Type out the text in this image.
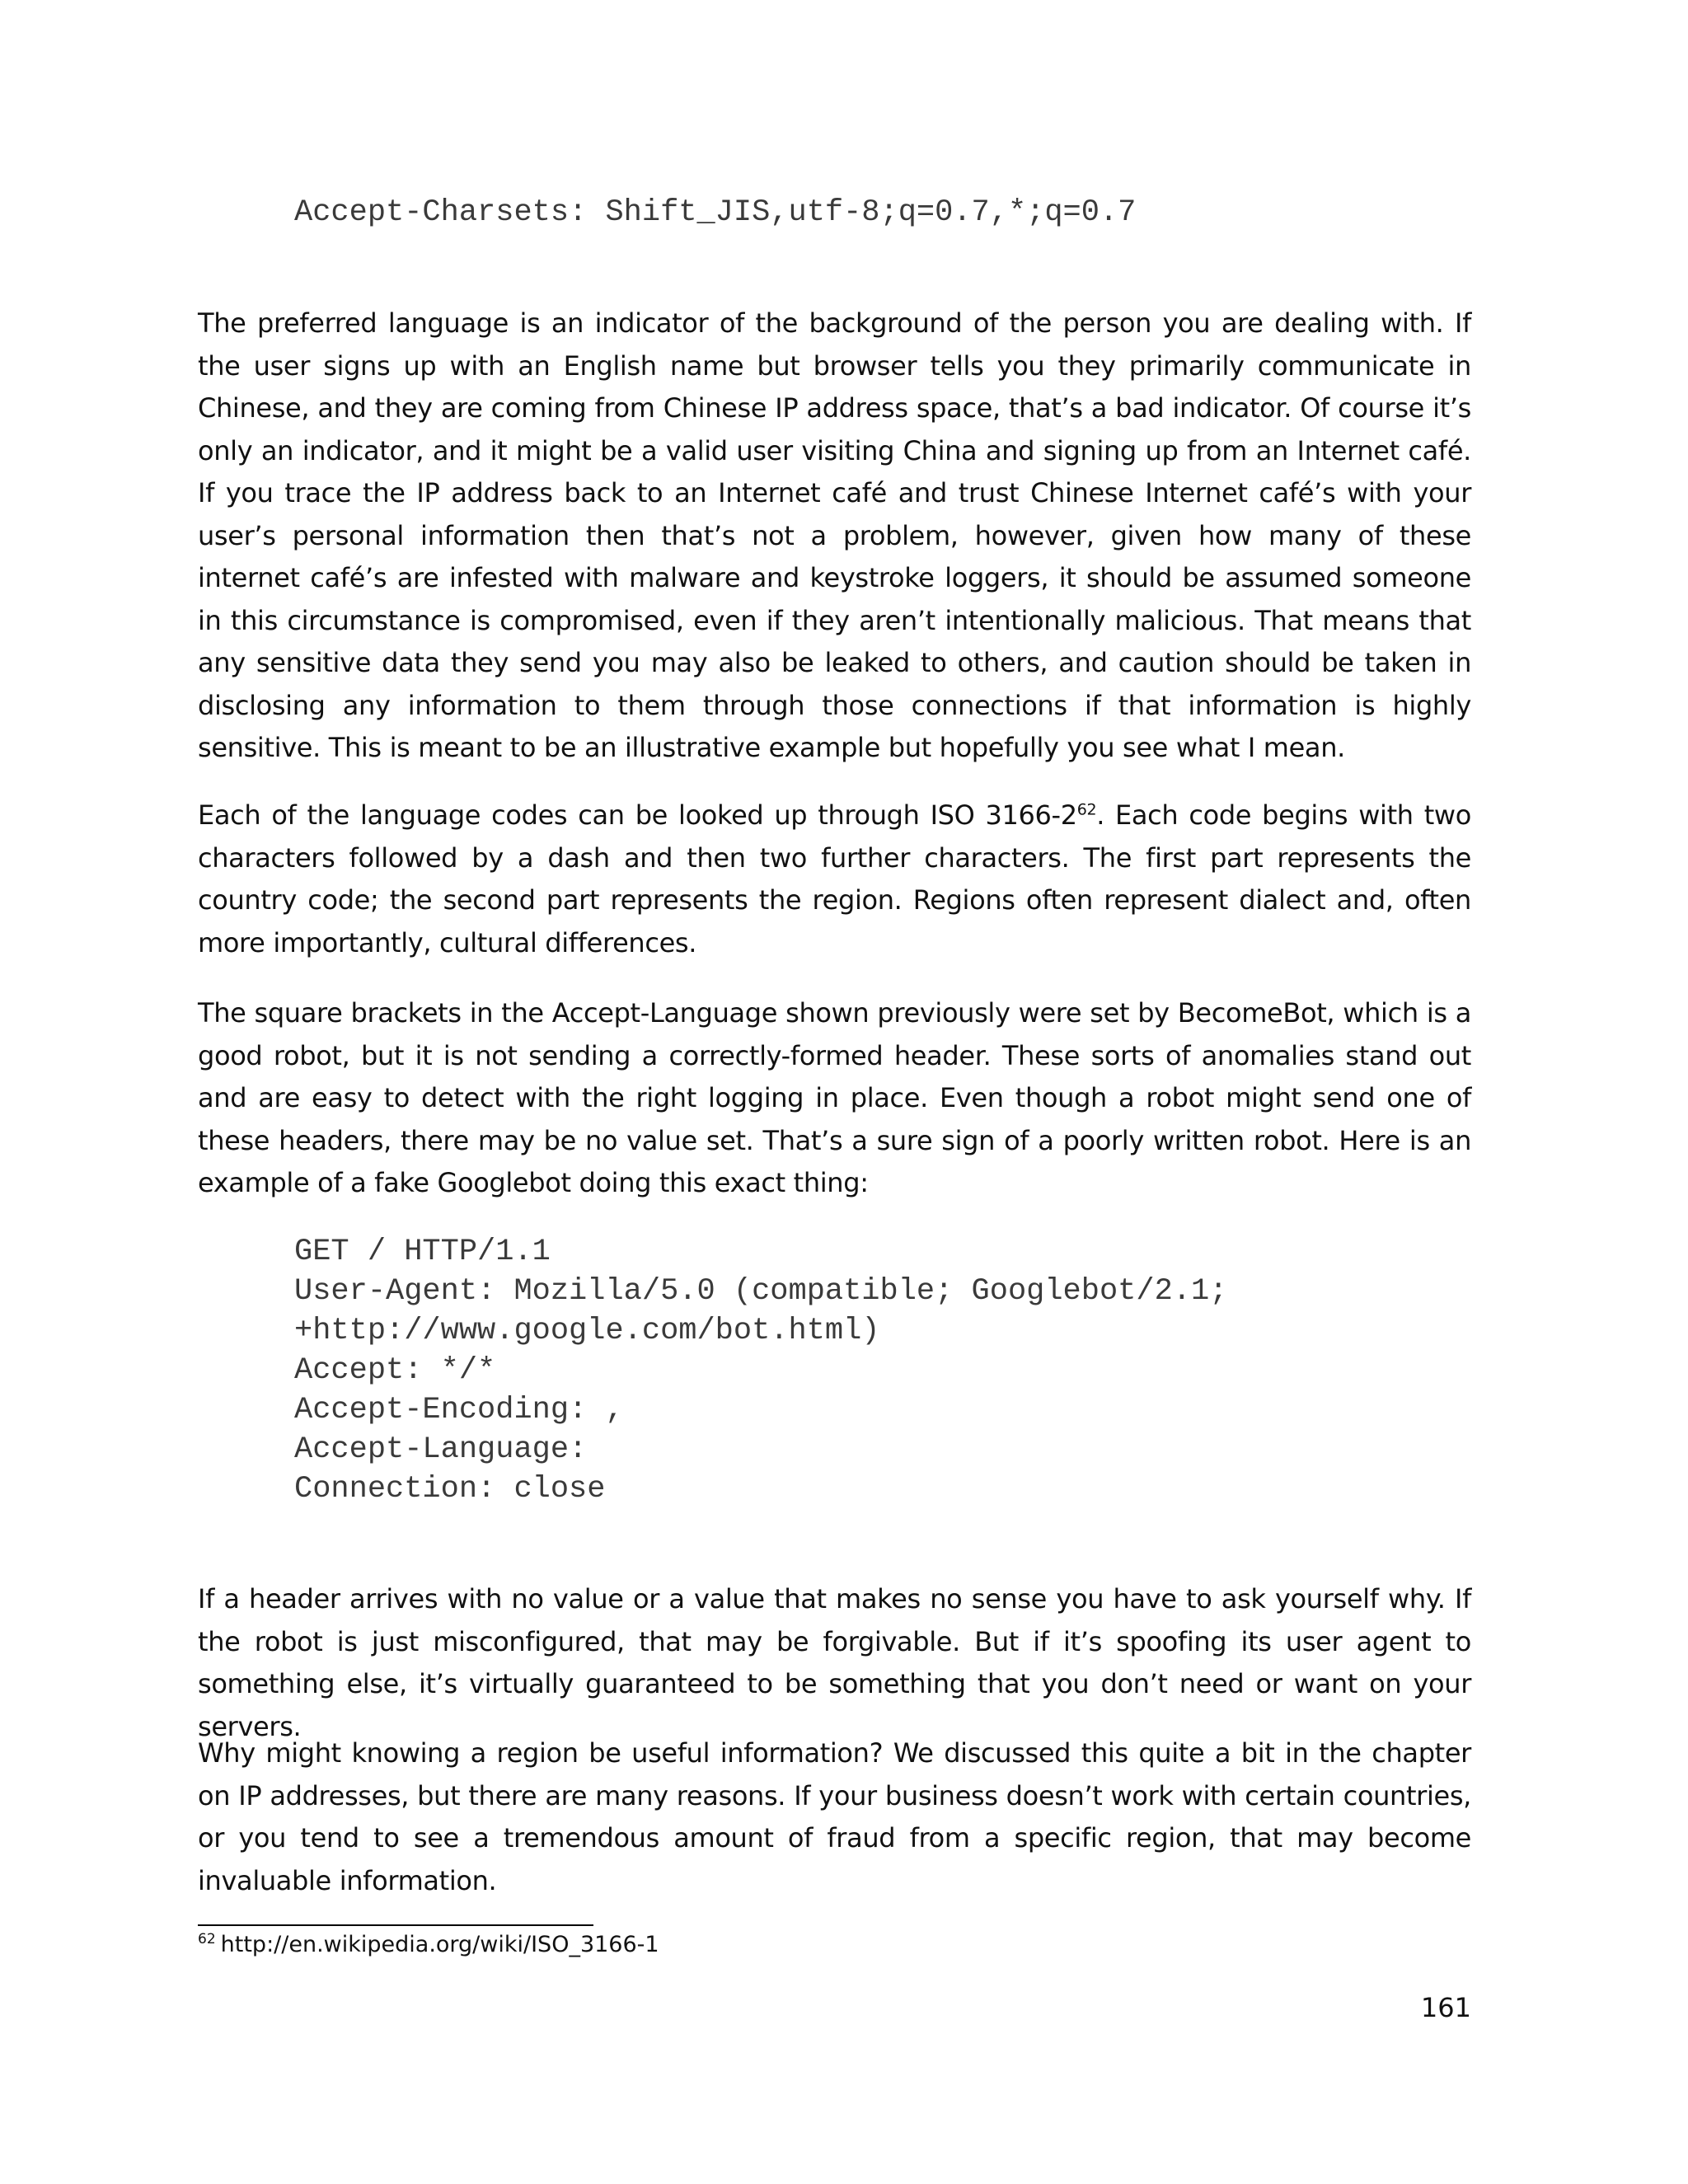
Accept-Charsets: Shift_JIS,utf-8;q=0.7,*;q=0.7

The preferred language is an indicator of the background of the person you are dealing with. If the user signs up with an English name but browser tells you they primarily communicate in Chinese, and they are coming from Chinese IP address space, that’s a bad indicator. Of course it’s only an indicator, and it might be a valid user visiting China and signing up from an Internet café. If you trace the IP address back to an Internet café and trust Chinese Internet café’s with your user’s personal information then that’s not a problem, however, given how many of these internet café’s are infested with malware and keystroke loggers, it should be assumed someone in this circumstance is compromised, even if they aren’t intentionally malicious. That means that any sensitive data they send you may also be leaked to others, and caution should be taken in disclosing any information to them through those connections if that information is highly sensitive. This is meant to be an illustrative example but hopefully you see what I mean.

Each of the language codes can be looked up through ISO $3166-2^{62}$. Each code begins with two characters followed by a dash and then two further characters. The first part represents the country code; the second part represents the region. Regions often represent dialect and, often more importantly, cultural differences.

The square brackets in the Accept-Language shown previously were set by BecomeBot, which is a good robot, but it is not sending a correctly-formed header. These sorts of anomalies stand out and are easy to detect with the right logging in place. Even though a robot might send one of these headers, there may be no value set. That’s a sure sign of a poorly written robot. Here is an example of a fake Googlebot doing this exact thing:

GET / HTTP/1.1
User-Agent: Mozilla/5.0 (compatible; Googlebot/2.1;
+http://www.google.com/bot.html)
Accept: */*
Accept-Encoding: ,
Accept-Language:
Connection: close

If a header arrives with no value or a value that makes no sense you have to ask yourself why. If the robot is just misconfigured, that may be forgivable. But if it’s spoofing its user agent to something else, it’s virtually guaranteed to be something that you don’t need or want on your servers.

Why might knowing a region be useful information? We discussed this quite a bit in the chapter on IP addresses, but there are many reasons. If your business doesn’t work with certain countries, or you tend to see a tremendous amount of fraud from a specific region, that may become invaluable information.

$^{62}$ http://en.wikipedia.org/wiki/ISO_3166-1

161
